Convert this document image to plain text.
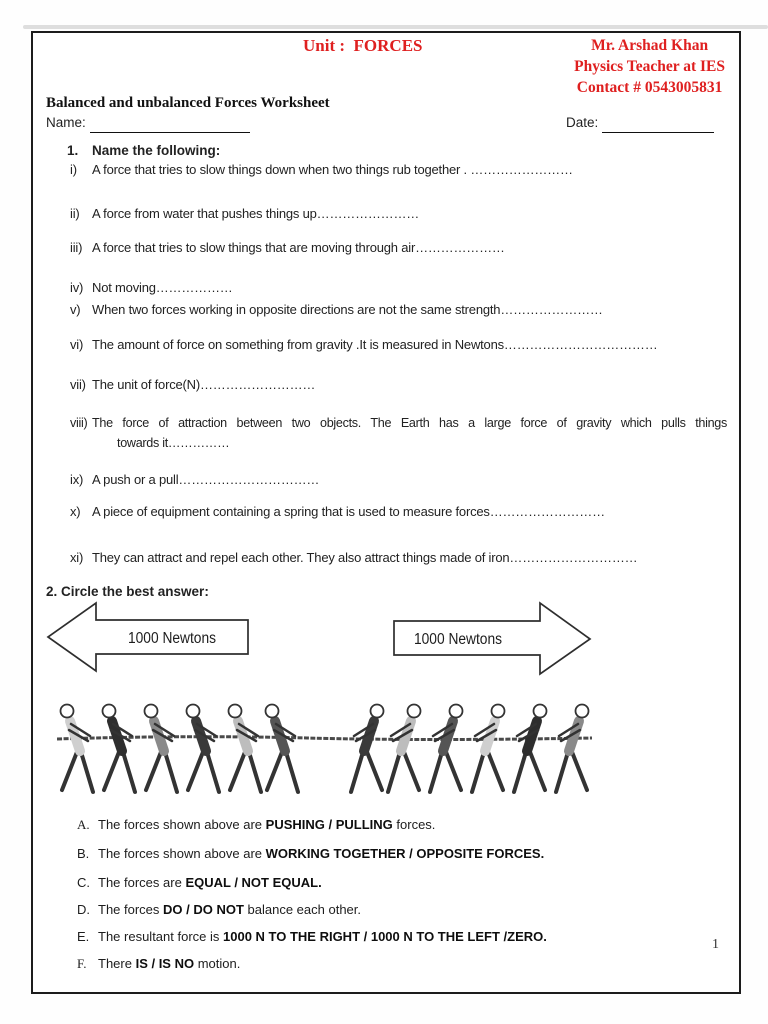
Unit :  FORCES	Mr. Arshad Khan
Physics Teacher at IES
Contact # 0543005831
Balanced and unbalanced Forces Worksheet
Name:	Date:
1. Name the following:
i) A force that tries to slow things down when two things rub together . ……………………
ii) A force from water that pushes things up……………………
iii) A force that tries to slow things that are moving through air…………………
iv) Not moving………………
v) When two forces working in opposite directions are not the same strength……………………
vi) The amount of force on something from gravity .It is measured in Newtons………………………………
vii) The unit of force(N)………………………
viii) The force of attraction between two objects. The Earth has a large force of gravity which pulls things
towards it……………
ix) A push or a pull……………………………
x) A piece of equipment containing a spring that is used to measure forces………………………
xi) They can attract and repel each other. They also attract things made of iron…………………………
2. Circle the best answer:
1000 Newtons	1000 Newtons
A. The forces shown above are PUSHING / PULLING forces.
B. The forces shown above are WORKING TOGETHER / OPPOSITE FORCES.
C. The forces are EQUAL / NOT EQUAL.
D. The forces DO / DO NOT balance each other.
E. The resultant force is 1000 N TO THE RIGHT / 1000 N TO THE LEFT /ZERO.
F. There IS / IS NO motion.
1
